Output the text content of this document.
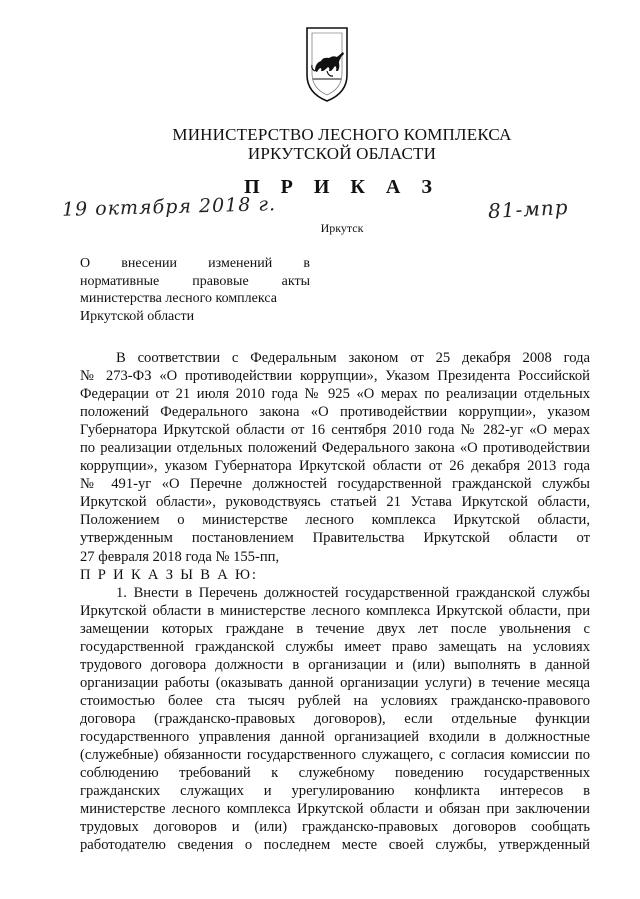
МИНИСТЕРСТВО ЛЕСНОГО КОМПЛЕКСА
ИРКУТСКОЙ ОБЛАСТИ
П Р И К А З
19 октября 2018 г.	81-мпр
Иркутск
О внесении изменений в
нормативные правовые акты
министерства лесного комплекса
Иркутской области
В соответствии с Федеральным законом от 25 декабря 2008 года
№ 273-ФЗ «О противодействии коррупции», Указом Президента Российской
Федерации от 21 июля 2010 года № 925 «О мерах по реализации отдельных
положений Федерального закона «О противодействии коррупции», указом
Губернатора Иркутской области от 16 сентября 2010 года № 282-уг «О мерах
по реализации отдельных положений Федерального закона «О противодействии
коррупции», указом Губернатора Иркутской области от 26 декабря 2013 года
№ 491-уг «О Перечне должностей государственной гражданской службы
Иркутской области», руководствуясь статьей 21 Устава Иркутской области,
Положением о министерстве лесного комплекса Иркутской области,
утвержденным постановлением Правительства Иркутской области от
27 февраля 2018 года № 155-пп,
П Р И К А З Ы В А Ю:
1. Внести в Перечень должностей государственной гражданской службы
Иркутской области в министерстве лесного комплекса Иркутской области, при
замещении которых граждане в течение двух лет после увольнения с
государственной гражданской службы имеет право замещать на условиях
трудового договора должности в организации и (или) выполнять в данной
организации работы (оказывать данной организации услуги) в течение месяца
стоимостью более ста тысяч рублей на условиях гражданско-правового
договора (гражданско-правовых договоров), если отдельные функции
государственного управления данной организацией входили в должностные
(служебные) обязанности государственного служащего, с согласия комиссии по
соблюдению требований к служебному поведению государственных
гражданских служащих и урегулированию конфликта интересов в
министерстве лесного комплекса Иркутской области и обязан при заключении
трудовых договоров и (или) гражданско-правовых договоров сообщать
работодателю сведения о последнем месте своей службы, утвержденный
